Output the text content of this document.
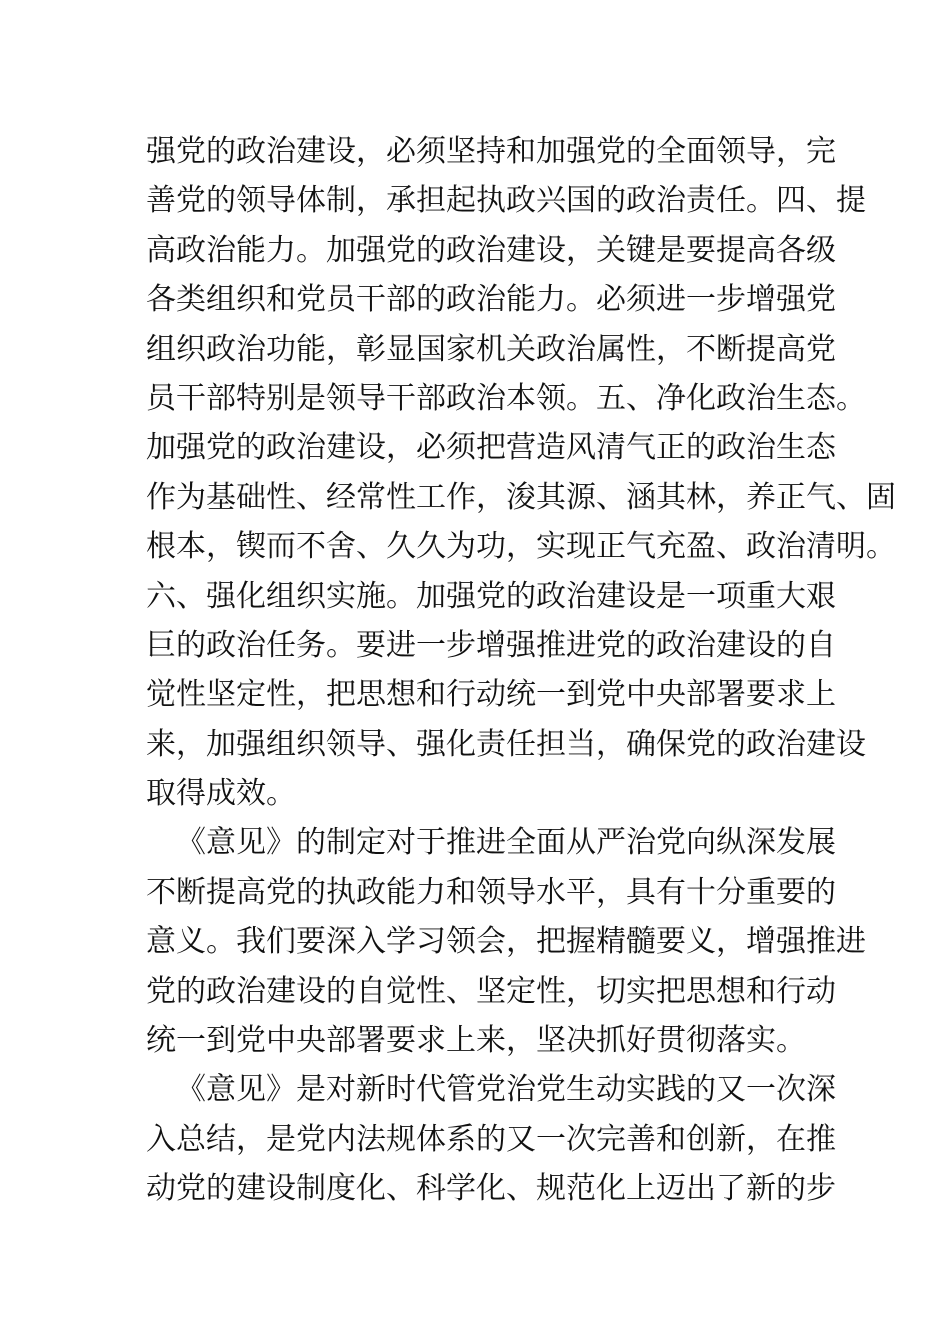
强党的政治建设，必须坚持和加强党的全面领导，完
善党的领导体制，承担起执政兴国的政治责任。四、提
高政治能力。加强党的政治建设，关键是要提高各级
各类组织和党员干部的政治能力。必须进一步增强党
组织政治功能，彰显国家机关政治属性，不断提高党
员干部特别是领导干部政治本领。五、净化政治生态。
加强党的政治建设，必须把营造风清气正的政治生态
作为基础性、经常性工作，浚其源、涵其林，养正气、固
根本，锲而不舍、久久为功，实现正气充盈、政治清明。
六、强化组织实施。加强党的政治建设是一项重大艰
巨的政治任务。要进一步增强推进党的政治建设的自
觉性坚定性，把思想和行动统一到党中央部署要求上
来，加强组织领导、强化责任担当，确保党的政治建设
取得成效。
《意见》的制定对于推进全面从严治党向纵深发展
不断提高党的执政能力和领导水平，具有十分重要的
意义。我们要深入学习领会，把握精髓要义，增强推进
党的政治建设的自觉性、坚定性，切实把思想和行动
统一到党中央部署要求上来，坚决抓好贯彻落实。
《意见》是对新时代管党治党生动实践的又一次深
入总结，是党内法规体系的又一次完善和创新，在推
动党的建设制度化、科学化、规范化上迈出了新的步
